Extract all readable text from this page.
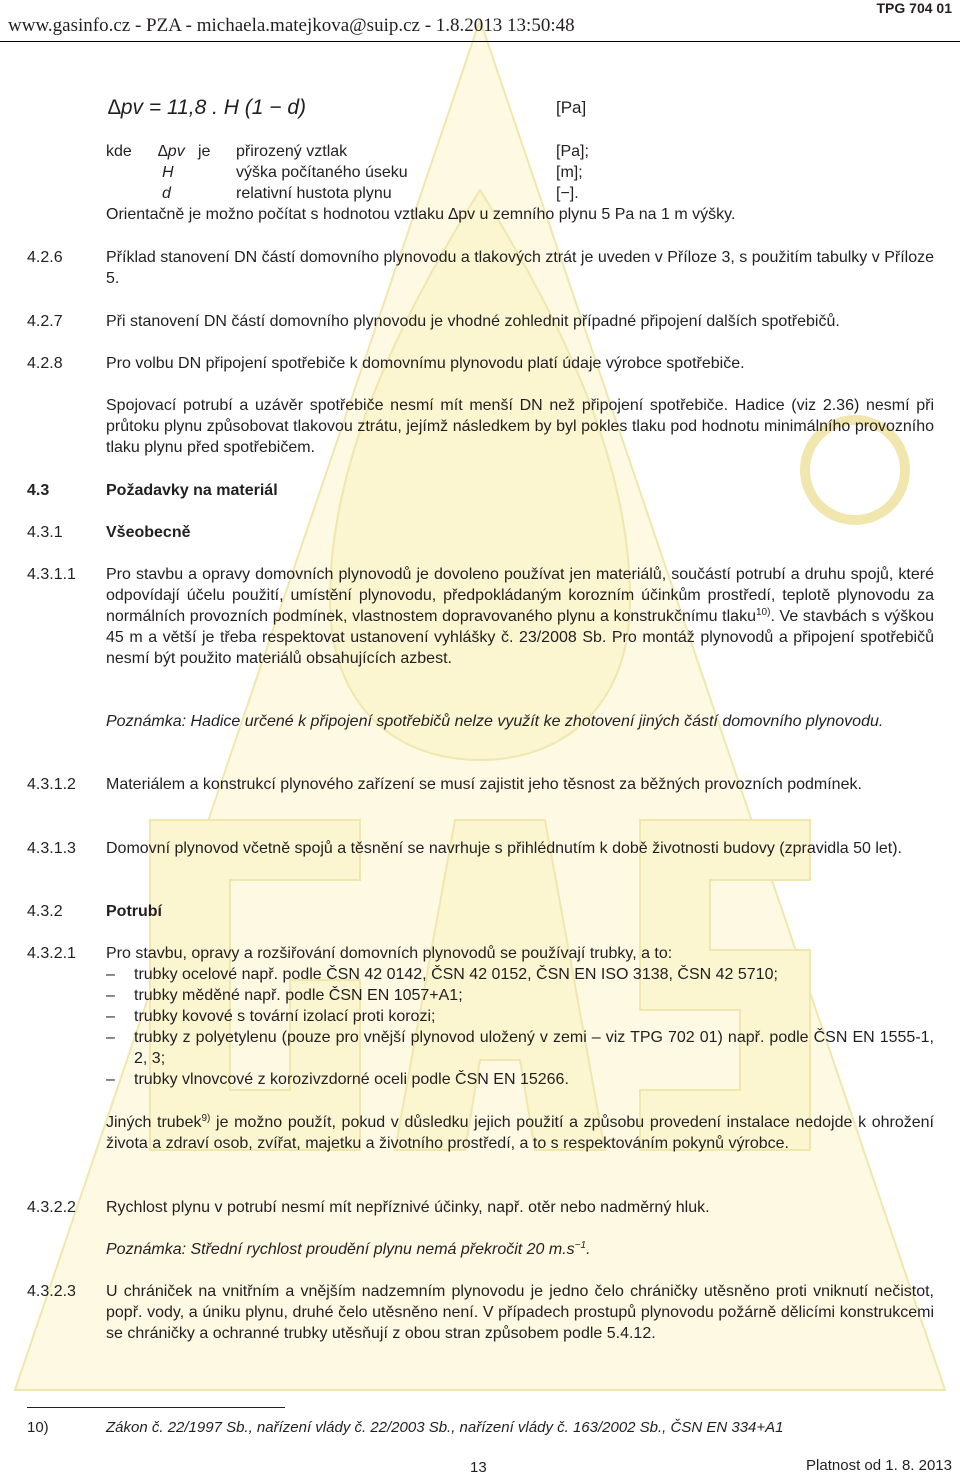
TPG 704 01
www.gasinfo.cz - PZA - michaela.matejkova@suip.cz - 1.8.2013 13:50:48
∆pv = 11,8 . H (1 − d)	[Pa]
kde ∆pv je přirozený vztlak	[Pa];
H	výška počítaného úseku	[m];
d	relativní hustota plynu	[−].
Orientačně je možno počítat s hodnotou vztlaku ∆pv u zemního plynu 5 Pa na 1 m výšky.
4.2.6	Příklad stanovení DN částí domovního plynovodu a tlakových ztrát je uveden v Příloze 3, s použitím tabulky v Příloze 5.
4.2.7	Při stanovení DN částí domovního plynovodu je vhodné zohlednit případné připojení dalších spotřebičů.
4.2.8	Pro volbu DN připojení spotřebiče k domovnímu plynovodu platí údaje výrobce spotřebiče.
Spojovací potrubí a uzávěr spotřebiče nesmí mít menší DN než připojení spotřebiče. Hadice (viz 2.36) nesmí při průtoku plynu způsobovat tlakovou ztrátu, jejímž následkem by byl pokles tlaku pod hodnotu minimálního provozního tlaku plynu před spotřebičem.
4.3	Požadavky na materiál
4.3.1	Všeobecně
4.3.1.1	Pro stavbu a opravy domovních plynovodů je dovoleno používat jen materiálů, součástí potrubí a druhu spojů, které odpovídají účelu použití, umístění plynovodu, předpokládaným korozním účinkům prostředí, teplotě plynovodu za normálních provozních podmínek, vlastnostem dopravovaného plynu a konstrukčnímu tlaku$^{10)}$. Ve stavbách s výškou 45 m a větší je třeba respektovat ustanovení vyhlášky č. 23/2008 Sb. Pro montáž plynovodů a připojení spotřebičů nesmí být použito materiálů obsahujících azbest.
Poznámka: Hadice určené k připojení spotřebičů nelze využít ke zhotovení jiných částí domovního plynovodu.
4.3.1.2	Materiálem a konstrukcí plynového zařízení se musí zajistit jeho těsnost za běžných provozních podmínek.
4.3.1.3	Domovní plynovod včetně spojů a těsnění se navrhuje s přihlédnutím k době životnosti budovy (zpravidla 50 let).
4.3.2	Potrubí
4.3.2.1	Pro stavbu, opravy a rozšiřování domovních plynovodů se používají trubky, a to:
– trubky ocelové např. podle ČSN 42 0142, ČSN 42 0152, ČSN EN ISO 3138, ČSN 42 5710;
– trubky měděné např. podle ČSN EN 1057+A1;
– trubky kovové s tovární izolací proti korozi;
– trubky z polyetylenu (pouze pro vnější plynovod uložený v zemi – viz TPG 702 01) např. podle ČSN EN 1555-1, 2, 3;
– trubky vlnovcové z korozivzdorné oceli podle ČSN EN 15266.
Jiných trubek$^{9)}$ je možno použít, pokud v důsledku jejich použití a způsobu provedení instalace nedojde k ohrožení života a zdraví osob, zvířat, majetku a životního prostředí, a to s respektováním pokynů výrobce.
4.3.2.2	Rychlost plynu v potrubí nesmí mít nepříznivé účinky, např. otěr nebo nadměrný hluk.
Poznámka: Střední rychlost proudění plynu nemá překročit 20 $m.s^{-1}$.
4.3.2.3	U chrániček na vnitřním a vnějším nadzemním plynovodu je jedno čelo chráničky utěsněno proti vniknutí nečistot, popř. vody, a úniku plynu, druhé čelo utěsněno není. V případech prostupů plynovodu požárně dělicími konstrukcemi se chráničky a ochranné trubky utěsňují z obou stran způsobem podle 5.4.12.
10)	Zákon č. 22/1997 Sb., nařízení vlády č. 22/2003 Sb., nařízení vlády č. 163/2002 Sb., ČSN EN 334+A1
13	Platnost od 1. 8. 2013
